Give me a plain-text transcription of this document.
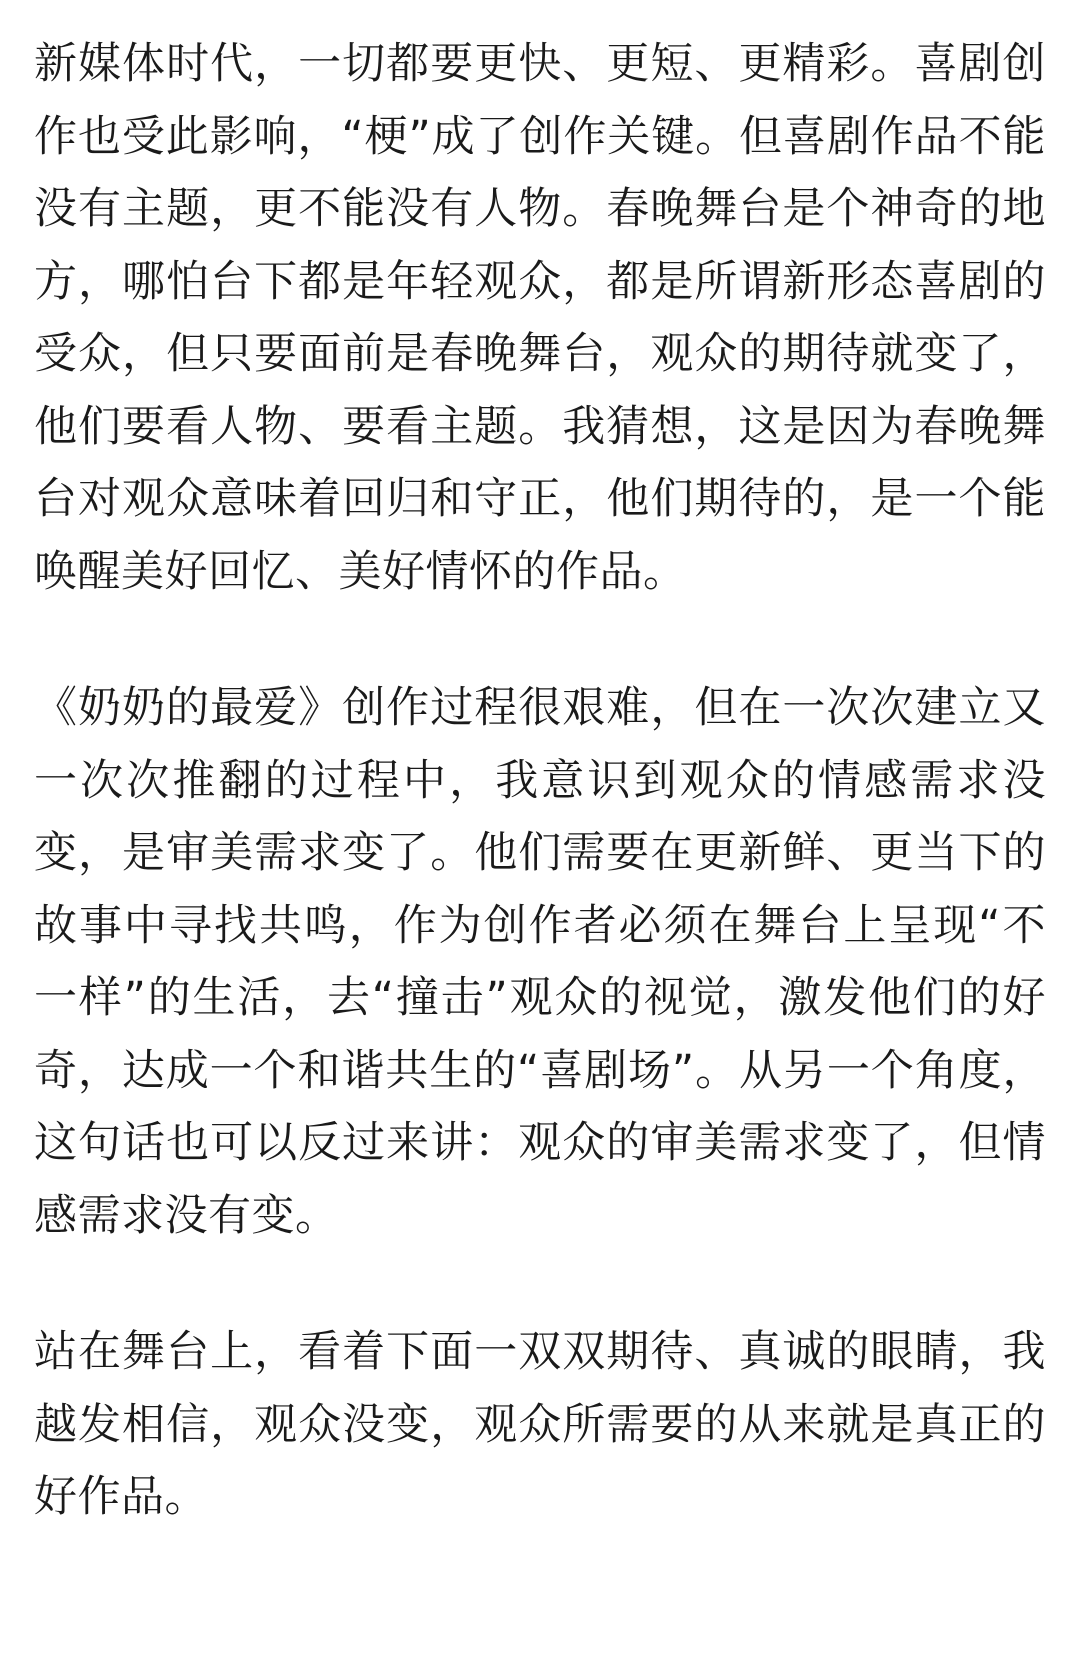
新媒体时代，一切都要更快、更短、更精彩。喜剧创作也受此影响，“梗”成了创作关键。但喜剧作品不能没有主题，更不能没有人物。春晚舞台是个神奇的地方，哪怕台下都是年轻观众，都是所谓新形态喜剧的受众，但只要面前是春晚舞台，观众的期待就变了，他们要看人物、要看主题。我猜想，这是因为春晚舞台对观众意味着回归和守正，他们期待的，是一个能唤醒美好回忆、美好情怀的作品。

《奶奶的最爱》创作过程很艰难，但在一次次建立又一次次推翻的过程中，我意识到观众的情感需求没变，是审美需求变了。他们需要在更新鲜、更当下的故事中寻找共鸣，作为创作者必须在舞台上呈现“不一样”的生活，去“撞击”观众的视觉，激发他们的好奇，达成一个和谐共生的“喜剧场”。从另一个角度，这句话也可以反过来讲：观众的审美需求变了，但情感需求没有变。

站在舞台上，看着下面一双双期待、真诚的眼睛，我越发相信，观众没变，观众所需要的从来就是真正的好作品。
